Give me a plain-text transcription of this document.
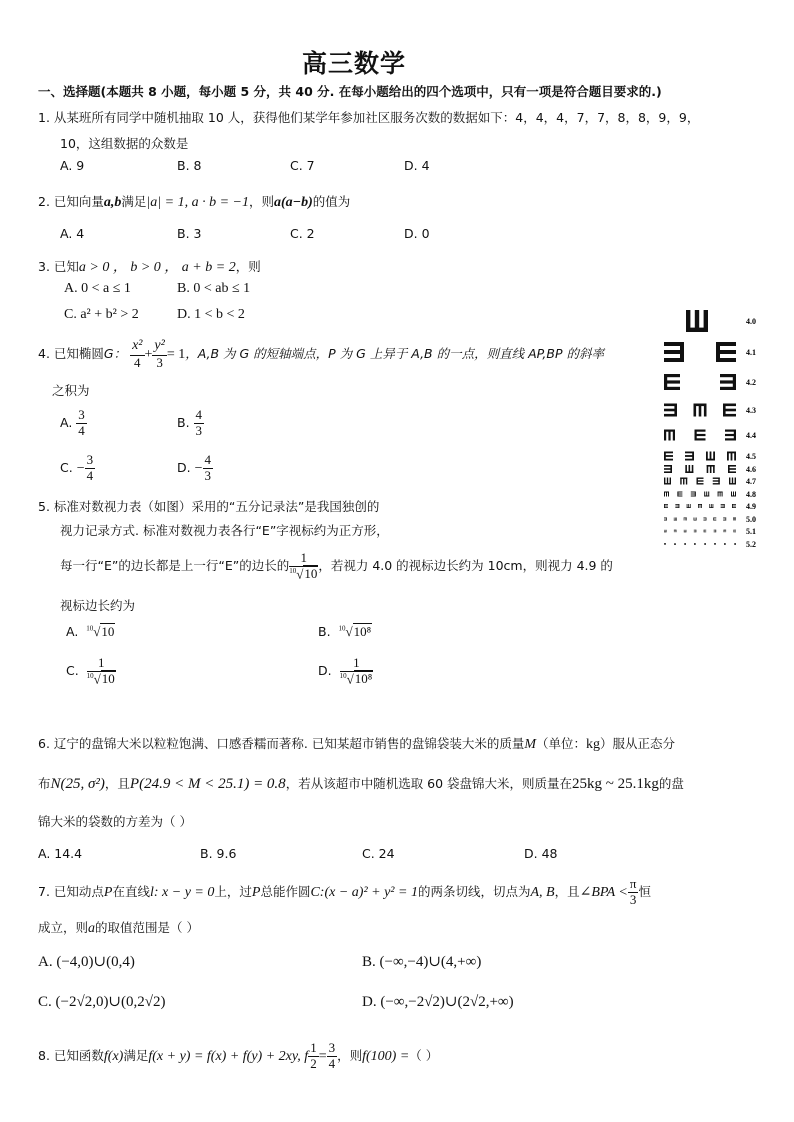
高三数学
一、选择题(本题共 8 小题，每小题 5 分，共 40 分. 在每小题给出的四个选项中，只有一项是符合题目要求的.)
1. 从某班所有同学中随机抽取 10 人，获得他们某学年参加社区服务次数的数据如下：4，4，4，7，7，8，8，9，9，
10，这组数据的众数是
A. 9	B. 8	C. 7	D. 4
2. 已知向量a,b满足|a| = 1, a · b = −1，则a(a−b)的值为
A. 4	B. 3	C. 2	D. 0
3. 已知a > 0 ， b > 0 ， a + b = 2，则
A. 0 < a ≤ 1	B. 0 < ab ≤ 1
C. a² + b² > 2	D. 1 < b < 2
4. 已知椭圆G： $\frac{\text{x²}}{4} + \frac{\text{y²}}{3} = 1$，A,B 为 G 的短轴端点，P 为 G 上异于 A,B 的一点，则直线 AP,BP 的斜率
之积为
A. $\frac{3}{4}$	B. $\frac{4}{3}$
C. − $\frac{3}{4}$	D. − $\frac{4}{3}$
5. 标准对数视力表（如图）采用的“五分记录法”是我国独创的
视力记录方式. 标准对数视力表各行“E”字视标约为正方形，
每一行“E”的边长都是上一行“E”的边长的 $\frac{1}{^{10}√10}$ ，若视力 4.0 的视标边长约为 10cm，则视力 4.9 的
视标边长约为
A. $^{10}$√10	B. $^{10}$√10⁸
C. $\frac{1}{^{10}√10}$	D. $\frac{1}{^{10}√10^8}$
4.0
4.1
4.2
4.3
4.4
4.5
4.6
4.7
4.8
4.9
5.0
5.1
5.2
6. 辽宁的盘锦大米以粒粒饱满、口感香糯而著称. 已知某超市销售的盘锦袋装大米的质量M（单位：kg）服从正态分
布N(25, σ²)，且P(24.9 < M < 25.1) = 0.8，若从该超市中随机选取 60 袋盘锦大米，则质量在25kg ~ 25.1kg的盘
锦大米的袋数的方差为（ ）
A. 14.4	B. 9.6	C. 24	D. 48
7. 已知动点P在直线l: x − y = 0上，过P总能作圆C:(x − a)² + y² = 1的两条切线，切点为A, B，且∠BPA < $\frac{\pi}{3}$ 恒
成立，则a的取值范围是（ ）
A. (−4,0)∪(0,4)	B. (−∞,−4)∪(4,+∞)
C. (−2√2,0)∪(0,2√2)	D. (−∞,−2√2)∪(2√2,+∞)
8. 已知函数f(x)满足f(x + y) = f(x) + f(y) + 2xy, f $\frac{1}{2} = \frac{3}{4}$ ，则f(100) =（ ）
